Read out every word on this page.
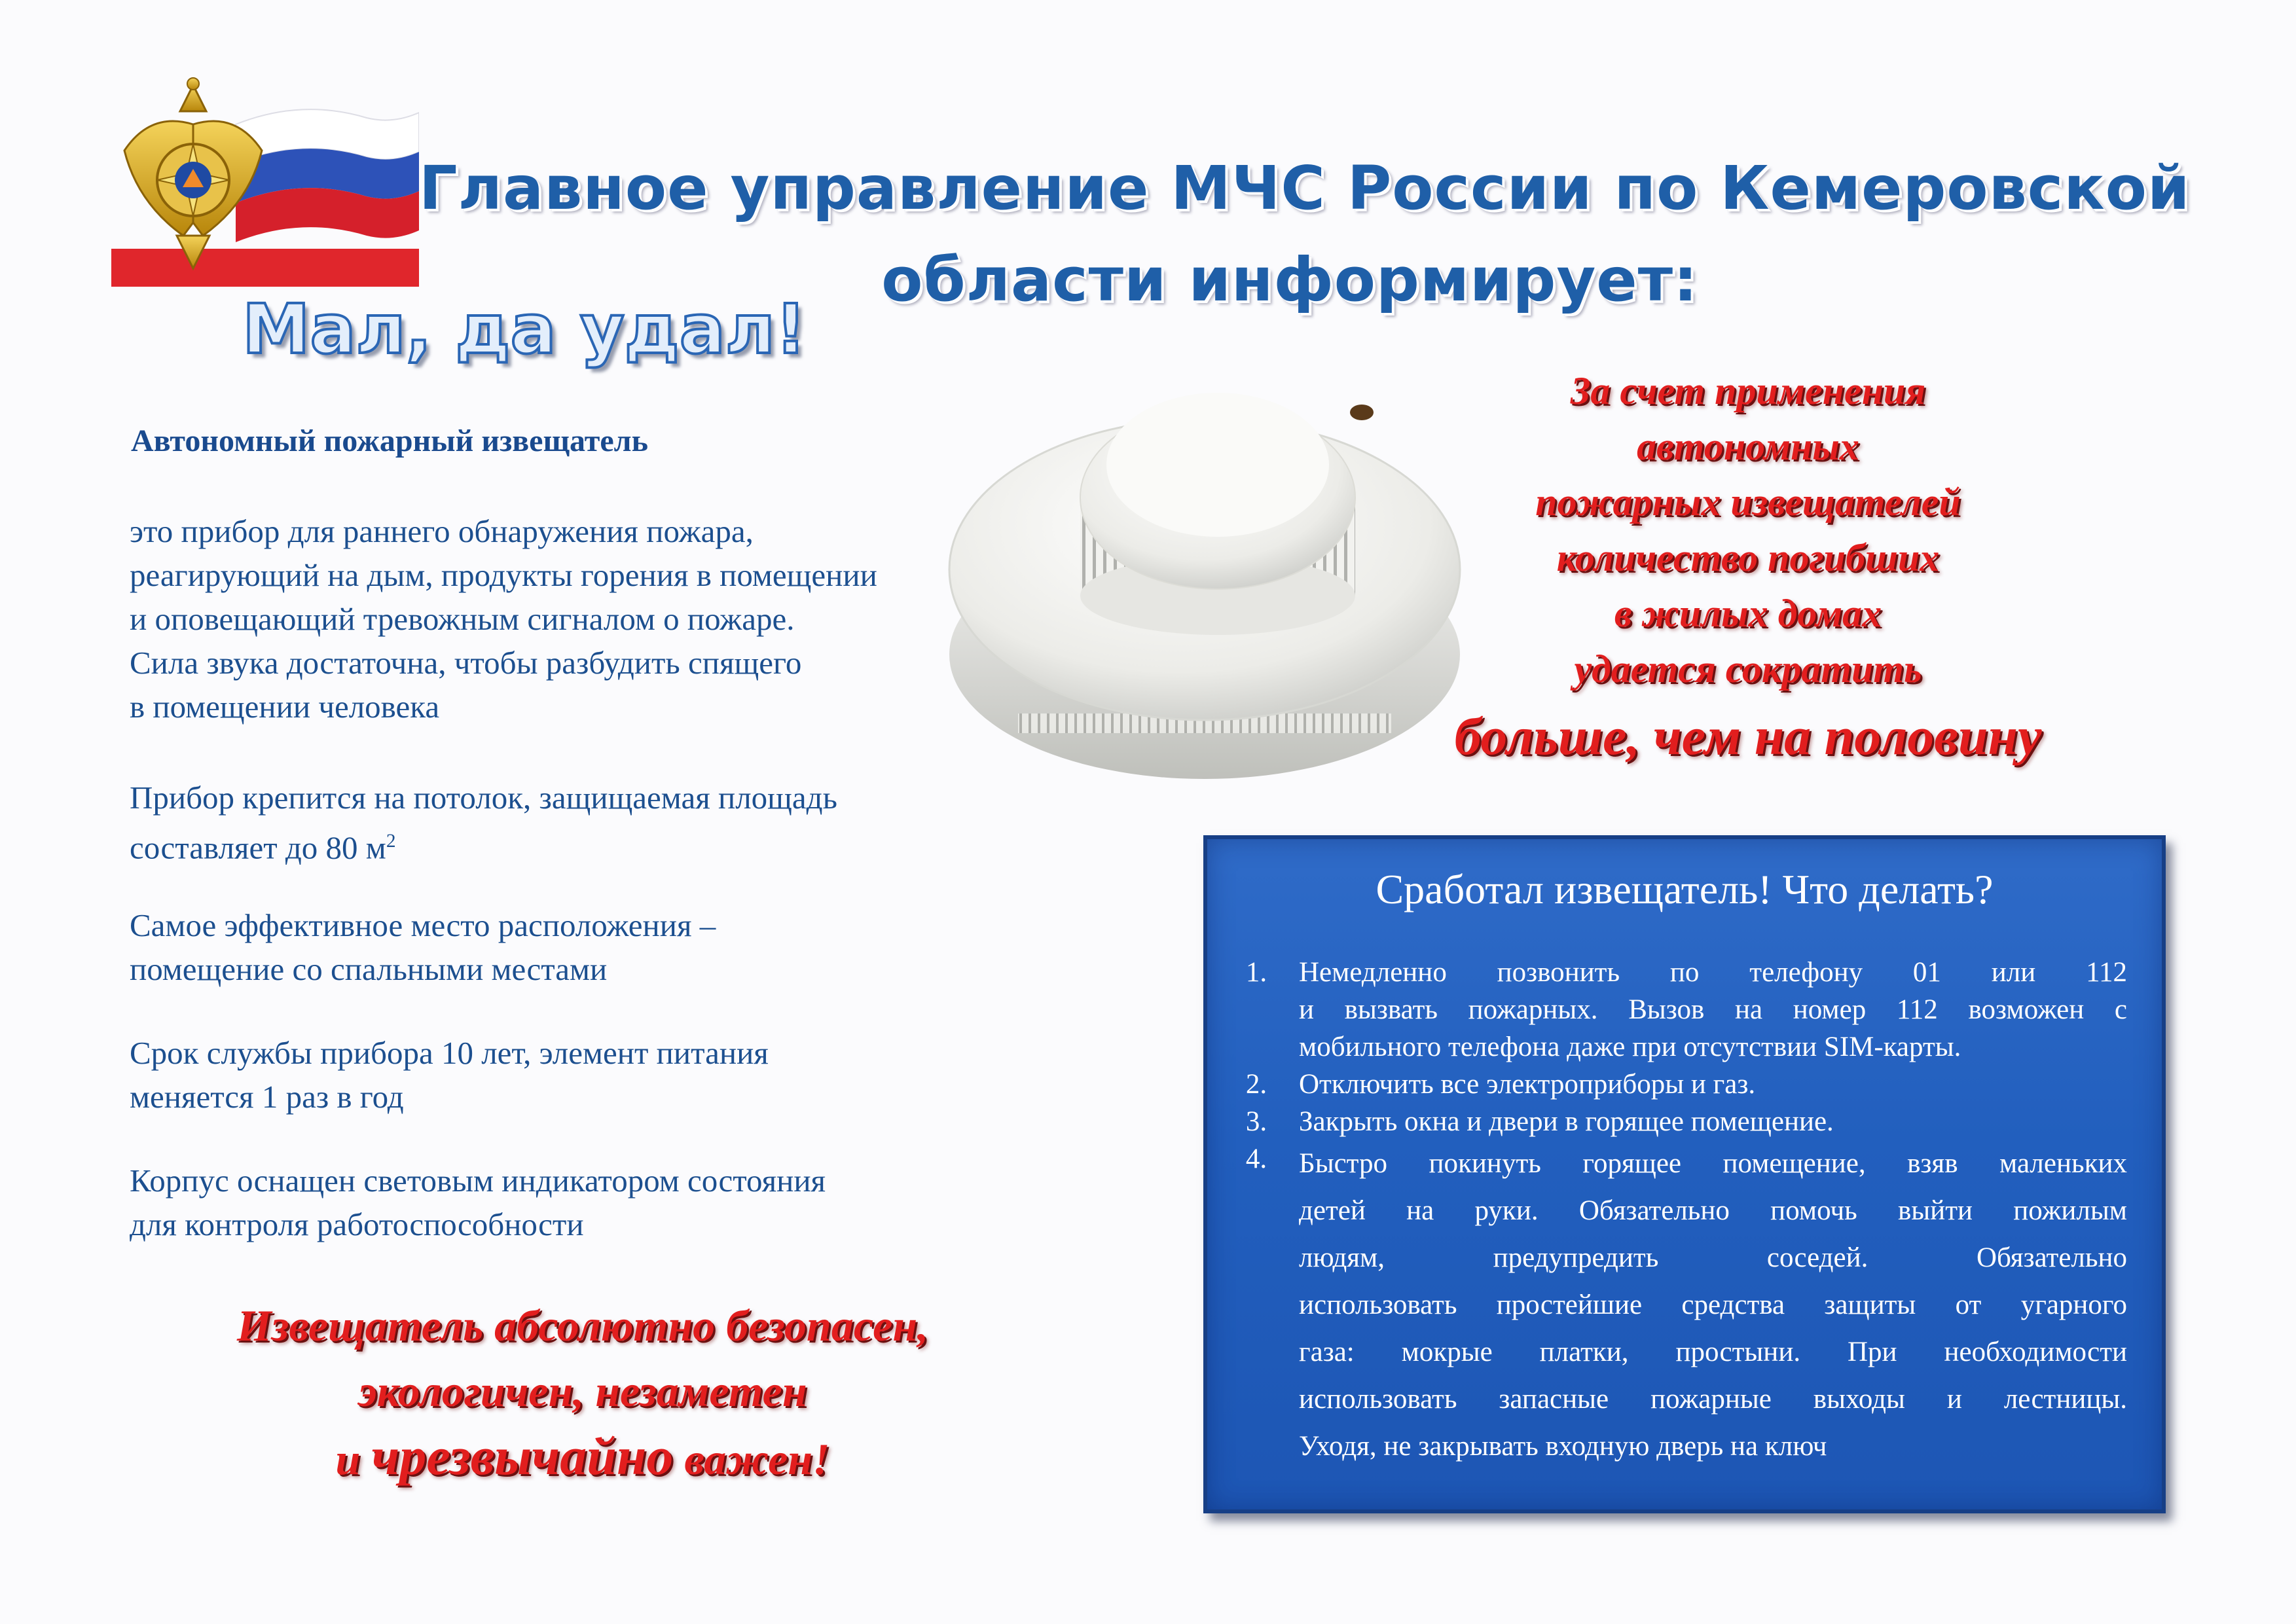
Главное управление МЧС России по Кемеровской
области информирует:
Мал, да удал!
Автономный пожарный извещатель
это прибор для раннего обнаружения пожара,
реагирующий на дым, продукты горения в помещении
и оповещающий тревожным сигналом о пожаре.
Сила звука достаточна, чтобы разбудить спящего
в помещении человека
Прибор крепится на потолок, защищаемая площадь
составляет до 80 $м^2$
Самое эффективное место расположения –
помещение со спальными местами
Срок службы прибора 10 лет, элемент питания
меняется 1 раз в год
Корпус оснащен световым индикатором состояния
для контроля работоспособности
Извещатель абсолютно безопасен,
экологичен, незаметен
и чрезвычайно важен!
За счет применения
автономных
пожарных извещателей
количество погибших
в жилых домах
удается сократить
больше, чем на половину
Сработал извещатель! Что делать?
1.	Немедленно позвонить по телефону 01 или 112
и вызвать пожарных. Вызов на номер 112 возможен с
мобильного телефона даже при отсутствии SIM-карты.
2.	Отключить все электроприборы и газ.
3.	Закрыть окна и двери в горящее помещение.
4.	Быстро покинуть горящее помещение, взяв маленьких
детей на руки. Обязательно помочь выйти пожилым
людям, предупредить соседей. Обязательно
использовать простейшие средства защиты от угарного
газа: мокрые платки, простыни. При необходимости
использовать запасные пожарные выходы и лестницы.
Уходя, не закрывать входную дверь на ключ
